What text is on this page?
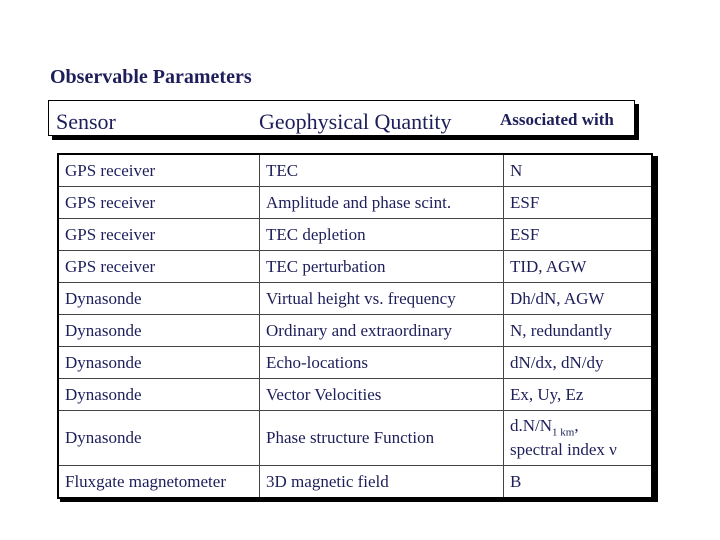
Observable Parameters
Sensor	Geophysical Quantity	Associated with
GPS receiver	TEC	N
GPS receiver	Amplitude and phase scint.	ESF
GPS receiver	TEC depletion	ESF
GPS receiver	TEC perturbation	TID, AGW
Dynasonde	Virtual height vs. frequency	Dh/dN, AGW
Dynasonde	Ordinary and extraordinary	N, redundantly
Dynasonde	Echo-locations	dN/dx, dN/dy
Dynasonde	Vector Velocities	Ex, Uy, Ez
Dynasonde	Phase structure Function	$d.N/N_{1 km}$,
spectral index ν
Fluxgate magnetometer	3D magnetic field	B
